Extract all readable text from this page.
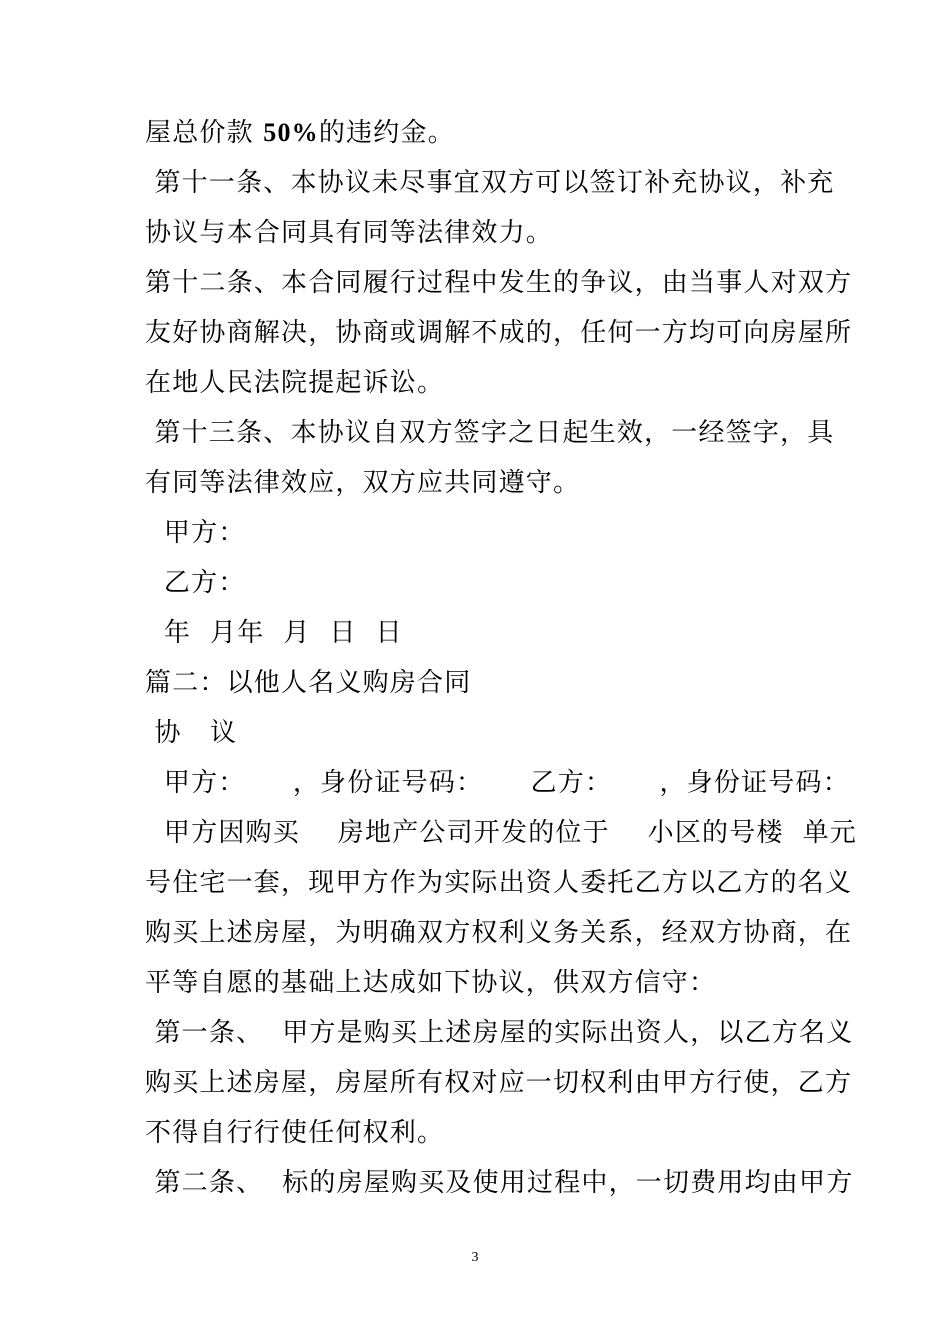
屋总价款 50%的违约金。
第十一条、本协议未尽事宜双方可以签订补充协议，补充
协议与本合同具有同等法律效力。
第十二条、本合同履行过程中发生的争议，由当事人对双方
友好协商解决，协商或调解不成的，任何一方均可向房屋所
在地人民法院提起诉讼。
第十三条、本协议自双方签字之日起生效，一经签字，具
有同等法律效应，双方应共同遵守。
甲方：
乙方：
年  月年  月  日  日
篇二：以他人名义购房合同
协   议
甲方：     ，身份证号码：     乙方：     ，身份证号码：
甲方因购买    房地产公司开发的位于    小区的号楼  单元
号住宅一套，现甲方作为实际出资人委托乙方以乙方的名义
购买上述房屋，为明确双方权利义务关系，经双方协商，在
平等自愿的基础上达成如下协议，供双方信守：
第一条、  甲方是购买上述房屋的实际出资人，以乙方名义
购买上述房屋，房屋所有权对应一切权利由甲方行使，乙方
不得自行行使任何权利。
第二条、  标的房屋购买及使用过程中，一切费用均由甲方
3
